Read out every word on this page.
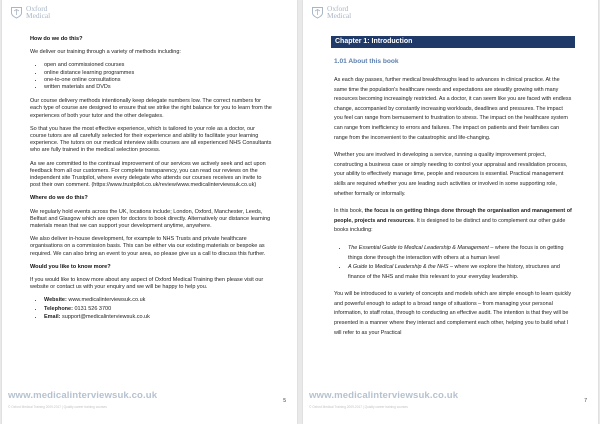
Oxford
Medical
How do we do this?

We deliver our training through a variety of methods including:

• open and commissioned courses
• online distance learning programmes
• one-to-one online consultations
• written materials and DVDs

Our course delivery methods intentionally keep delegate numbers low. The correct numbers for each type of course are designed to ensure that we strike the right balance for you to learn from the experiences of both your tutor and the other delegates.

So that you have the most effective experience, which is tailored to your role as a doctor, our course tutors are all carefully selected for their experience and ability to facilitate your learning experience. The tutors on our medical interview skills courses are all experienced NHS Consultants who are fully trained in the medical selection process.

As we are committed to the continual improvement of our services we actively seek and act upon feedback from all our customers. For complete transparency, you can read our reviews on the independent site Trustpilot, where every delegate who attends our courses receives an invite to post their own comment. (https://www.trustpilot.co.uk/review/www.medicalinterviewsuk.co.uk)

Where do we do this?

We regularly hold events across the UK, locations include; London, Oxford, Manchester, Leeds, Belfast and Glasgow which are open for doctors to book directly. Alternatively our distance learning materials mean that we can support your development anytime, anywhere.

We also deliver in-house development, for example to NHS Trusts and private healthcare organisations on a commission basis. This can be either via our existing materials or bespoke as required. We can also bring an event to your area, so please give us a call to discuss this further.

Would you like to know more?

If you would like to know more about any aspect of Oxford Medical Training then please visit our website or contact us with your enquiry and we will be happy to help you.

• Website: www.medicalinterviewsuk.co.uk
• Telephone: 0131 526 3700
• Email: support@medicalinterviewsuk.co.uk
www.medicalinterviewsuk.co.uk
© Oxford Medical Training 2009-2017 | Quality career training courses
5
Oxford
Medical
Chapter 1: Introduction
1.01 About this book

As each day passes, further medical breakthroughs lead to advances in clinical practice. At the same time the population's healthcare needs and expectations are steadily growing with many resources becoming increasingly restricted. As a doctor, it can seem like you are faced with endless change, accompanied by constantly increasing workloads, deadlines and pressures. The impact you feel can range from bemusement to frustration to stress. The impact on the healthcare system can range from inefficiency to errors and failures. The impact on patients and their families can range from the inconvenient to the catastrophic and life-changing.

Whether you are involved in developing a service, running a quality improvement project, constructing a business case or simply needing to control your appraisal and revalidation process, your ability to effectively manage time, people and resources is essential. Practical management skills are required whether you are leading such activities or involved in some supporting role, whether formally or informally.

In this book, the focus is on getting things done through the organisation and management of people, projects and resources. It is designed to be distinct and to complement our other guide books including:

• The Essential Guide to Medical Leadership & Management – where the focus is on getting things done through the interaction with others at a human level
• A Guide to Medical Leadership & the NHS – where we explore the history, structures and finance of the NHS and make this relevant to your everyday leadership.

You will be introduced to a variety of concepts and models which are simple enough to learn quickly and powerful enough to adapt to a broad range of situations – from managing your personal information, to staff rotas, through to conducting an effective audit. The intention is that they will be presented in a manner where they interact and complement each other, helping you to build what I will refer to as your Practical

www.medicalinterviewsuk.co.uk
© Oxford Medical Training 2009-2017 | Quality career training courses
7
